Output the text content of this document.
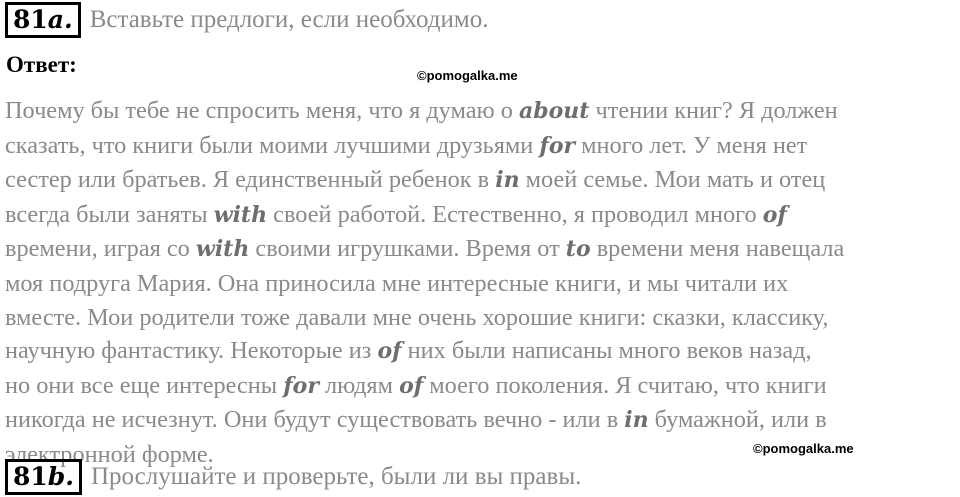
81a. Вставьте предлоги, если необходимо.
Ответ:	©pomogalka.me
Почему бы тебе не спросить меня, что я думаю о about чтении книг? Я должен
сказать, что книги были моими лучшими друзьями for много лет. У меня нет
сестер или братьев. Я единственный ребенок в in моей семье. Мои мать и отец
всегда были заняты with своей работой. Естественно, я проводил много of
времени, играя со with своими игрушками. Время от to времени меня навещала
моя подруга Мария. Она приносила мне интересные книги, и мы читали их
вместе. Мои родители тоже давали мне очень хорошие книги: сказки, классику,
научную фантастику. Некоторые из of них были написаны много веков назад,
но они все еще интересны for людям of моего поколения. Я считаю, что книги
никогда не исчезнут. Они будут существовать вечно - или в in бумажной, или в
электронной форме.	©pomogalka.me
81b. Прослушайте и проверьте, были ли вы правы.
